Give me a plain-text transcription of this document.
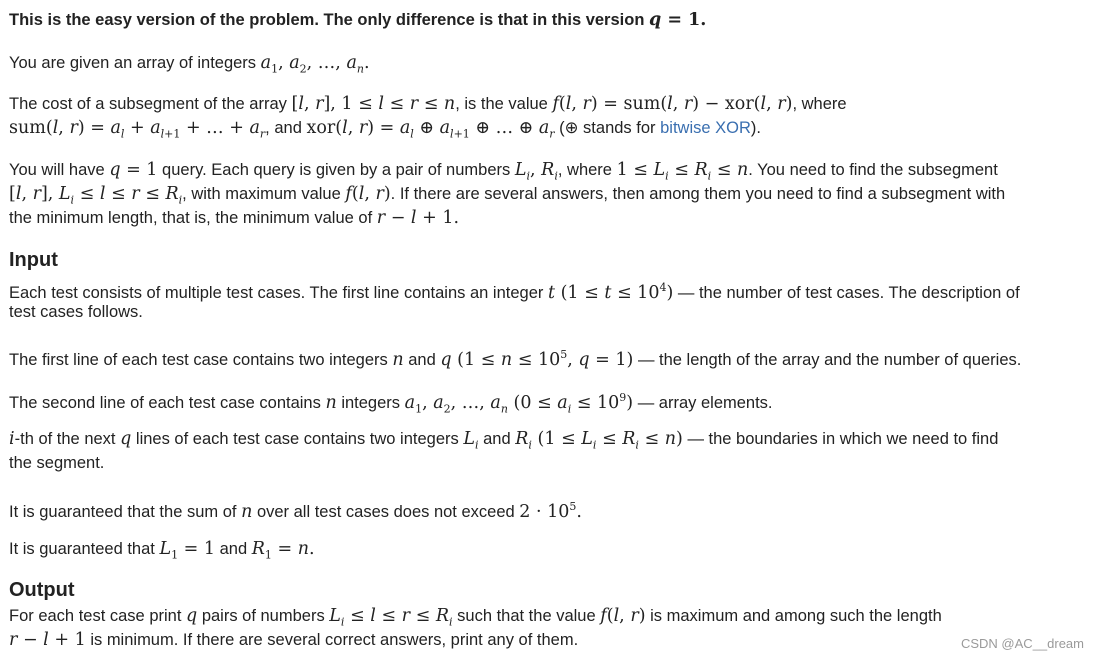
This is the easy version of the problem. The only difference is that in this version q = 1.
You are given an array of integers $a_1$, $a_2$, …, $a_n$.
The cost of a subsegment of the array [l, r], 1 ≤ l ≤ r ≤ n, is the value f(l, r) = sum(l, r) − xor(l, r), where
sum(l, $r) = a_l + a_{l+1}$ + … + $a_r$, and xor(l, $r) = a_l$ ⊕ $a_{l+1}$ ⊕ … ⊕ $a_r$ (⊕ stands for bitwise XOR).
You will have q = 1 query. Each query is given by a pair of numbers $L_i$, $R_i$, where $1 \le L_i \le R_i \le n$. You need to find the subsegment
[l, r], $L_i \le l \le r \le R_i$, with maximum value f(l, r). If there are several answers, then among them you need to find a subsegment with
the minimum length, that is, the minimum value of r − l + 1.
Input
Each test consists of multiple test cases. The first line contains an integer t $(1 \le t \le 10^4)$ — the number of test cases. The description of
test cases follows.
The first line of each test case contains two integers n and q ($1 \le n \le 10^5$, q = 1) — the length of the array and the number of queries.
The second line of each test case contains n integers $a_1$, $a_2$, …, $a_n$ $(0 \le a_i \le 10^9)$ — array elements.
i-th of the next q lines of each test case contains two integers $L_i$ and $R_i$ $(1 \le L_i \le R_i \le n)$ — the boundaries in which we need to find
the segment.
It is guaranteed that the sum of n over all test cases does not exceed $2 \cdot 10^5$.
It is guaranteed that $L_1 = 1$ and $R_1 = n$.
Output
For each test case print q pairs of numbers $L_i \le l \le r \le R_i$ such that the value f(l, r) is maximum and among such the length
r − l + 1 is minimum. If there are several correct answers, print any of them.	CSDN @AC__dream
